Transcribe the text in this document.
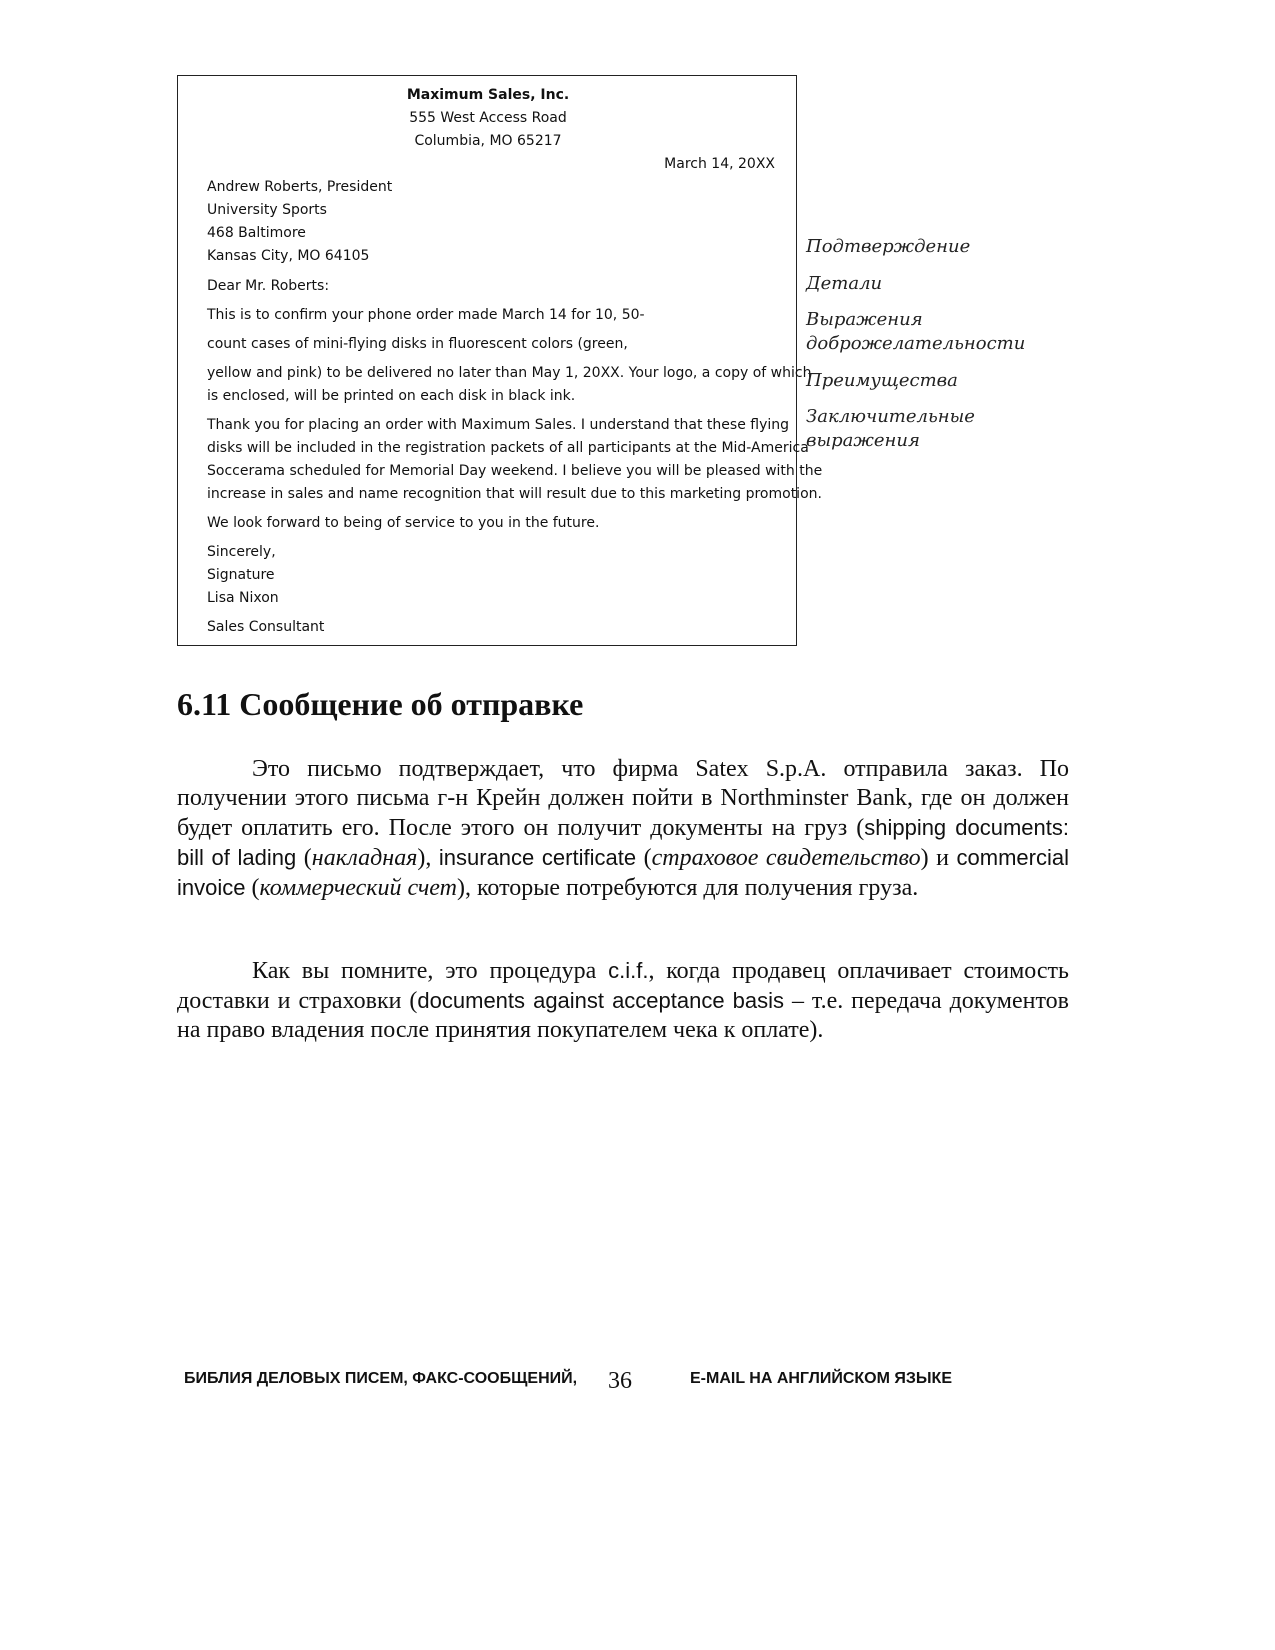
Maximum Sales, Inc.
555 West Access Road
Columbia, MO 65217
March 14, 20XX
Andrew Roberts, President
University Sports
468 Baltimore
Kansas City, MO 64105
Dear Mr. Roberts:
This is to confirm your phone order made March 14 for 10, 50-
count cases of mini-flying disks in fluorescent colors (green,
yellow and pink) to be delivered no later than May 1, 20XX. Your logo, a copy of which
is enclosed, will be printed on each disk in black ink.
Thank you for placing an order with Maximum Sales. I understand that these flying
disks will be included in the registration packets of all participants at the Mid-America
Soccerama scheduled for Memorial Day weekend. I believe you will be pleased with the
increase in sales and name recognition that will result due to this marketing promotion.
We look forward to being of service to you in the future.
Sincerely,
Signature
Lisa Nixon
Sales Consultant
Подтверждение
Детали
Выражения доброжелательности
Преимущества
Заключительные выражения
6.11 Сообщение об отправке
Это письмо подтверждает, что фирма Satex S.p.A. отправила заказ. По получении этого письма г-н Крейн должен пойти в Northminster Bank, где он должен будет оплатить его. После этого он получит документы на груз (shipping documents: bill of lading (накладная), insurance certificate (страховое свидетельство) и commercial invoice (коммерческий счет), которые потребуются для получения груза.
Как вы помните, это процедура c.i.f., когда продавец оплачивает стоимость доставки и страховки (documents against acceptance basis – т.е. передача документов на право владения после принятия покупателем чека к оплате).
БИБЛИЯ ДЕЛОВЫХ ПИСЕМ, ФАКС-СООБЩЕНИЙ, 36	E-MAIL НА АНГЛИЙСКОМ ЯЗЫКЕ
